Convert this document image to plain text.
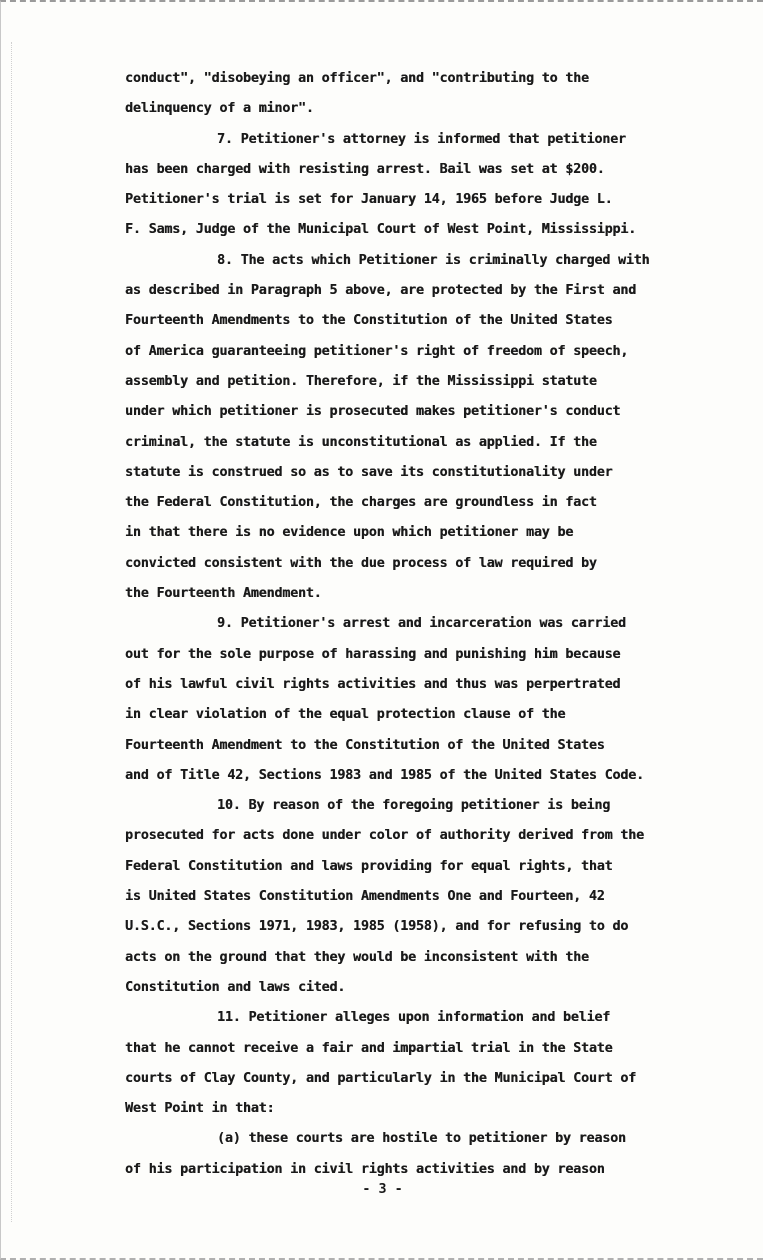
conduct", "disobeying an officer", and "contributing to the
delinquency of a minor".
7. Petitioner's attorney is informed that petitioner
has been charged with resisting arrest. Bail was set at $200.
Petitioner's trial is set for January 14, 1965 before Judge L.
F. Sams, Judge of the Municipal Court of West Point, Mississippi.
8. The acts which Petitioner is criminally charged with
as described in Paragraph 5 above, are protected by the First and
Fourteenth Amendments to the Constitution of the United States
of America guaranteeing petitioner's right of freedom of speech,
assembly and petition. Therefore, if the Mississippi statute
under which petitioner is prosecuted makes petitioner's conduct
criminal, the statute is unconstitutional as applied. If the
statute is construed so as to save its constitutionality under
the Federal Constitution, the charges are groundless in fact
in that there is no evidence upon which petitioner may be
convicted consistent with the due process of law required by
the Fourteenth Amendment.
9. Petitioner's arrest and incarceration was carried
out for the sole purpose of harassing and punishing him because
of his lawful civil rights activities and thus was perpertrated
in clear violation of the equal protection clause of the
Fourteenth Amendment to the Constitution of the United States
and of Title 42, Sections 1983 and 1985 of the United States Code.
10. By reason of the foregoing petitioner is being
prosecuted for acts done under color of authority derived from the
Federal Constitution and laws providing for equal rights, that
is United States Constitution Amendments One and Fourteen, 42
U.S.C., Sections 1971, 1983, 1985 (1958), and for refusing to do
acts on the ground that they would be inconsistent with the
Constitution and laws cited.
11. Petitioner alleges upon information and belief
that he cannot receive a fair and impartial trial in the State
courts of Clay County, and particularly in the Municipal Court of
West Point in that:
(a) these courts are hostile to petitioner by reason
of his participation in civil rights activities and by reason
- 3 -
